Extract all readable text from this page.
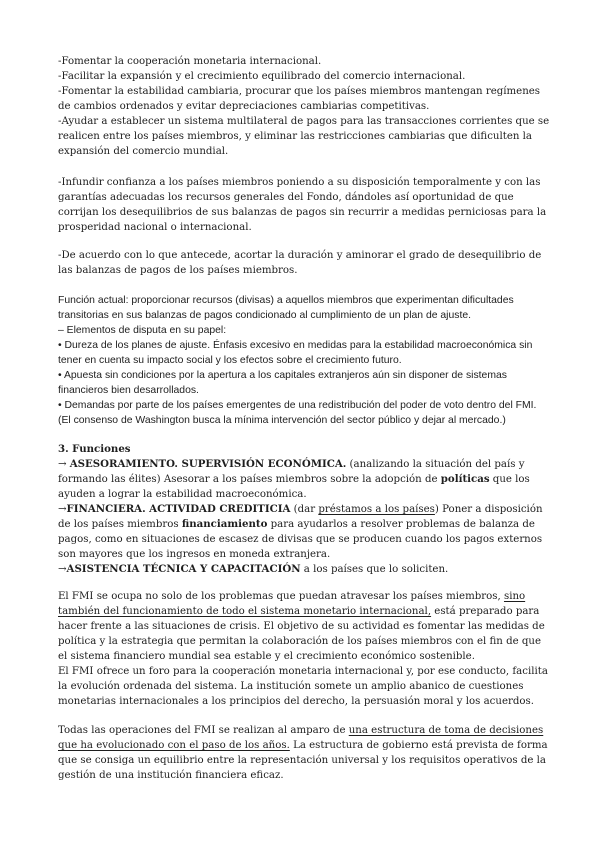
-Fomentar la cooperación monetaria internacional.

-Facilitar la expansión y el crecimiento equilibrado del comercio internacional.

-Fomentar la estabilidad cambiaria, procurar que los países miembros mantengan regímenes de cambios ordenados y evitar depreciaciones cambiarias competitivas.

-Ayudar a establecer un sistema multilateral de pagos para las transacciones corrientes que se realicen entre los países miembros, y eliminar las restricciones cambiarias que dificulten la expansión del comercio mundial.

-Infundir confianza a los países miembros poniendo a su disposición temporalmente y con las garantías adecuadas los recursos generales del Fondo, dándoles así oportunidad de que corrijan los desequilibrios de sus balanzas de pagos sin recurrir a medidas perniciosas para la prosperidad nacional o internacional.

-De acuerdo con lo que antecede, acortar la duración y aminorar el grado de desequilibrio de las balanzas de pagos de los países miembros.

Función actual: proporcionar recursos (divisas) a aquellos miembros que experimentan dificultades transitorias en sus balanzas de pagos condicionado al cumplimiento de un plan de ajuste.

– Elementos de disputa en su papel:

• Dureza de los planes de ajuste. Énfasis excesivo en medidas para la estabilidad macroeconómica sin tener en cuenta su impacto social y los efectos sobre el crecimiento futuro.

• Apuesta sin condiciones por la apertura a los capitales extranjeros aún sin disponer de sistemas financieros bien desarrollados.

• Demandas por parte de los países emergentes de una redistribución del poder de voto dentro del FMI.

(El consenso de Washington busca la mínima intervención del sector público y dejar al mercado.)

3. Funciones

→ ASESORAMIENTO. SUPERVISIÓN ECONÓMICA. (analizando la situación del país y formando las élites) Asesorar a los países miembros sobre la adopción de políticas que los ayuden a lograr la estabilidad macroeconómica.

→FINANCIERA. ACTIVIDAD CREDITICIA (dar préstamos a los países) Poner a disposición de los países miembros financiamiento para ayudarlos a resolver problemas de balanza de pagos, como en situaciones de escasez de divisas que se producen cuando los pagos externos son mayores que los ingresos en moneda extranjera.

→ASISTENCIA TÉCNICA Y CAPACITACIÓN a los países que lo soliciten.

El FMI se ocupa no solo de los problemas que puedan atravesar los países miembros, sino también del funcionamiento de todo el sistema monetario internacional, está preparado para hacer frente a las situaciones de crisis. El objetivo de su actividad es fomentar las medidas de política y la estrategia que permitan la colaboración de los países miembros con el fin de que el sistema financiero mundial sea estable y el crecimiento económico sostenible.

El FMI ofrece un foro para la cooperación monetaria internacional y, por ese conducto, facilita la evolución ordenada del sistema. La institución somete un amplio abanico de cuestiones monetarias internacionales a los principios del derecho, la persuasión moral y los acuerdos.

Todas las operaciones del FMI se realizan al amparo de una estructura de toma de decisiones que ha evolucionado con el paso de los años. La estructura de gobierno está prevista de forma que se consiga un equilibrio entre la representación universal y los requisitos operativos de la gestión de una institución financiera eficaz.
